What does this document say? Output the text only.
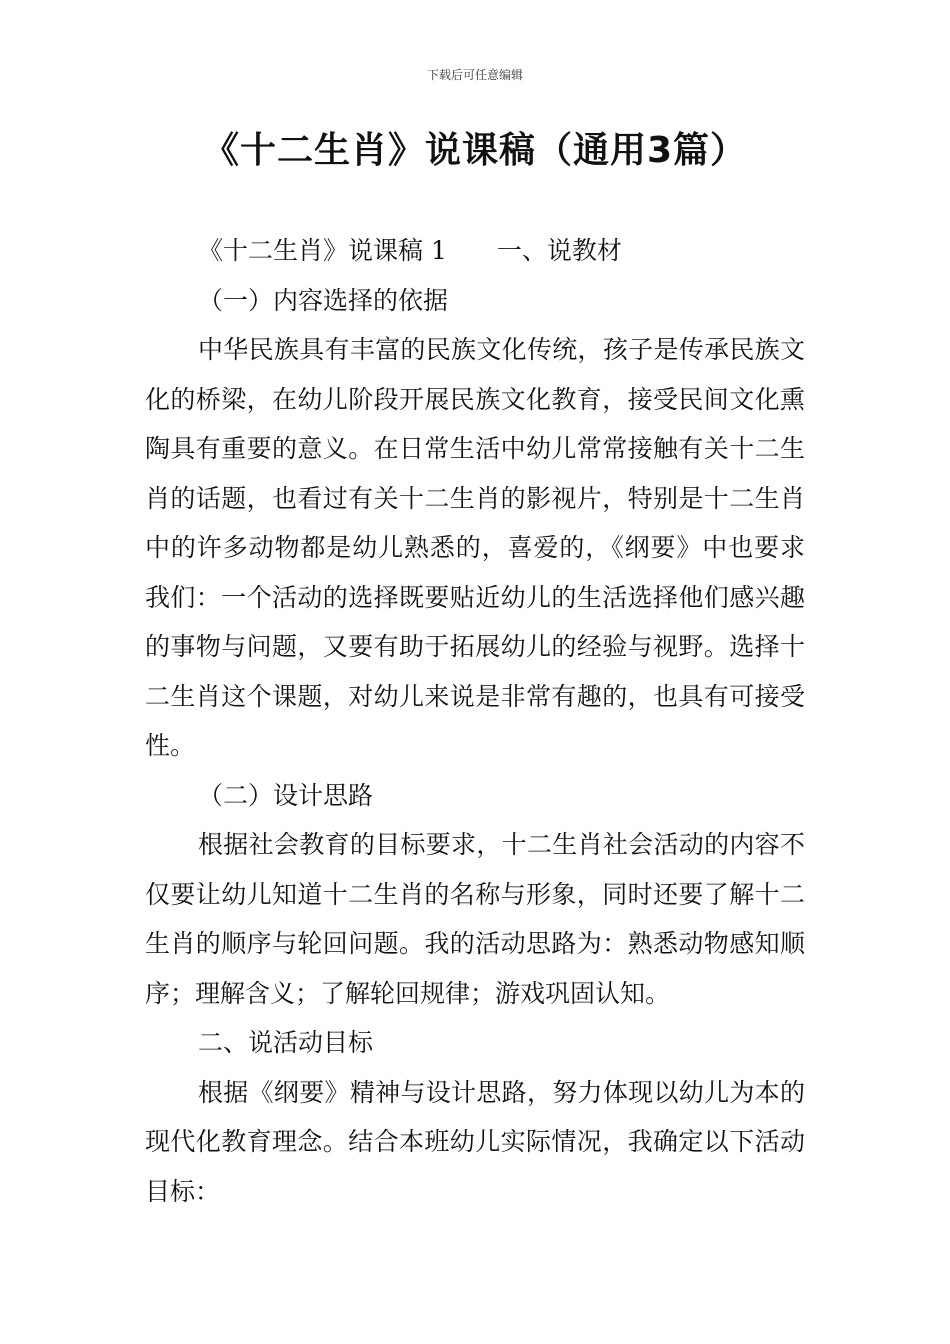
下载后可任意编辑
《十二生肖》说课稿（通用3篇）

《十二生肖》说课稿 1 一、说教材

（一）内容选择的依据

中华民族具有丰富的民族文化传统，孩子是传承民族文化的桥梁，在幼儿阶段开展民族文化教育，接受民间文化熏陶具有重要的意义。在日常生活中幼儿常常接触有关十二生肖的话题，也看过有关十二生肖的影视片，特别是十二生肖中的许多动物都是幼儿熟悉的，喜爱的，《纲要》中也要求我们：一个活动的选择既要贴近幼儿的生活选择他们感兴趣的事物与问题，又要有助于拓展幼儿的经验与视野。选择十二生肖这个课题，对幼儿来说是非常有趣的，也具有可接受性。

（二）设计思路

根据社会教育的目标要求，十二生肖社会活动的内容不仅要让幼儿知道十二生肖的名称与形象，同时还要了解十二生肖的顺序与轮回问题。我的活动思路为：熟悉动物感知顺序；理解含义；了解轮回规律；游戏巩固认知。

二、说活动目标

根据《纲要》精神与设计思路，努力体现以幼儿为本的现代化教育理念。结合本班幼儿实际情况，我确定以下活动目标：
